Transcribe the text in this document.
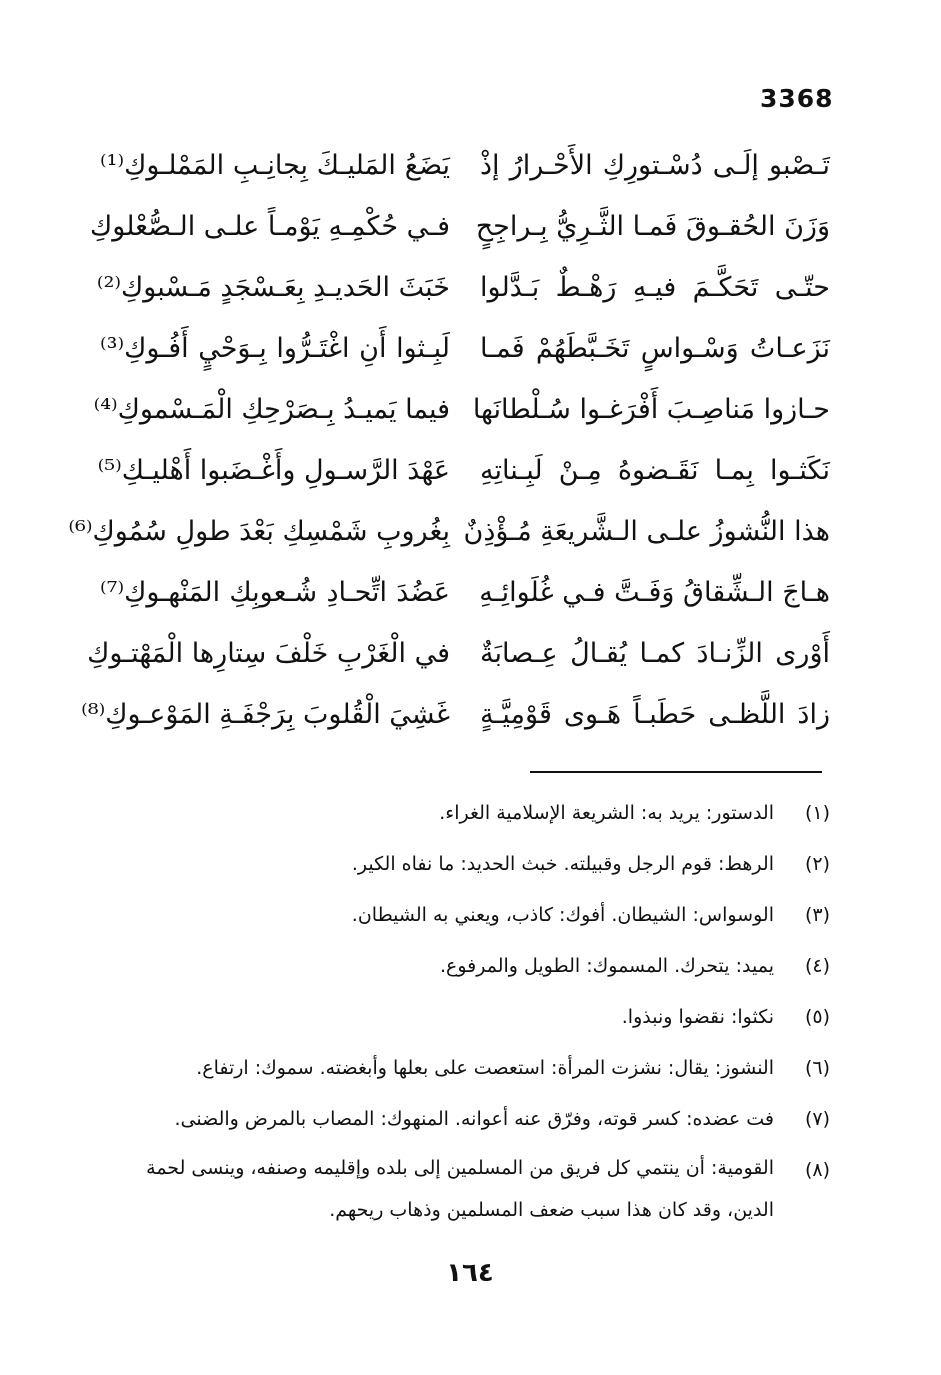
3368
تَـصْبو إلَـى دُسْـتورِكِ الأَحْـرارُ إذْ
يَضَعُ المَليـكَ بِجانِـبِ المَمْلـوكِ⁽¹⁾
وَزَنَ الحُقـوقَ فَمـا الثَّـرِيُّ بِـراجِحٍ
فـي حُكْمِـهِ يَوْمـاً علـى الـصُّعْلوكِ
حتّـى تَحَكَّـمَ فيـهِ رَهْـطٌ بَـدَّلوا
خَبَثَ الحَديـدِ بِعَـسْجَدٍ مَـسْبوكِ⁽²⁾
نَزَعـاتُ وَسْـواسٍ تَخَـبَّطَهُمْ فَمـا
لَبِـثوا أَنِ اغْتَـرُّوا بِـوَحْيٍ أَفُـوكِ⁽³⁾
حـازوا مَناصِـبَ أَفْرَغـوا سُـلْطانَها
فيما يَميـدُ بِـصَرْحِكِ الْمَـسْموكِ⁽⁴⁾
نَكَثـوا بِمـا نَقَـضوهُ مِـنْ لَبِـناتِهِ
عَهْدَ الرَّسـولِ وأَغْـضَبوا أَهْليـكِ⁽⁵⁾
هذا النُّشوزُ علـى الـشَّريعَةِ مُـؤْذِنٌ
بِغُروبِ شَمْسِكِ بَعْدَ طولِ سُمُوكِ⁽⁶⁾
هـاجَ الـشِّقاقُ وَفَـتَّ فـي غُلَوائِـهِ
عَضُدَ اتِّحـادِ شُـعوبِكِ المَنْهـوكِ⁽⁷⁾
أَوْرى الزِّنـادَ كمـا يُقـالُ عِـصابَةٌ
في الْغَرْبِ خَلْفَ سِتارِها الْمَهْتـوكِ
زادَ اللَّظـى حَطَبـاً هَـوى قَوْمِيَّـةٍ
غَشِيَ الْقُلوبَ بِرَجْفَـةِ المَوْعـوكِ⁽⁸⁾
(١)
الدستور: يريد به: الشريعة الإسلامية الغراء.
(٢)
الرهط: قوم الرجل وقبيلته. خبث الحديد: ما نفاه الكير.
(٣)
الوسواس: الشيطان. أفوك: كاذب، ويعني به الشيطان.
(٤)
يميد: يتحرك. المسموك: الطويل والمرفوع.
(٥)
نكثوا: نقضوا ونبذوا.
(٦)
النشوز: يقال: نشزت المرأة: استعصت على بعلها وأبغضته. سموك: ارتفاع.
(٧)
فت عضده: كسر قوته، وفرّق عنه أعوانه. المنهوك: المصاب بالمرض والضنى.
(٨)
القومية: أن ينتمي كل فريق من المسلمين إلى بلده وإقليمه وصنفه، وينسى لحمة الدين، وقد كان هذا سبب ضعف المسلمين وذهاب ريحهم.
١٦٤
